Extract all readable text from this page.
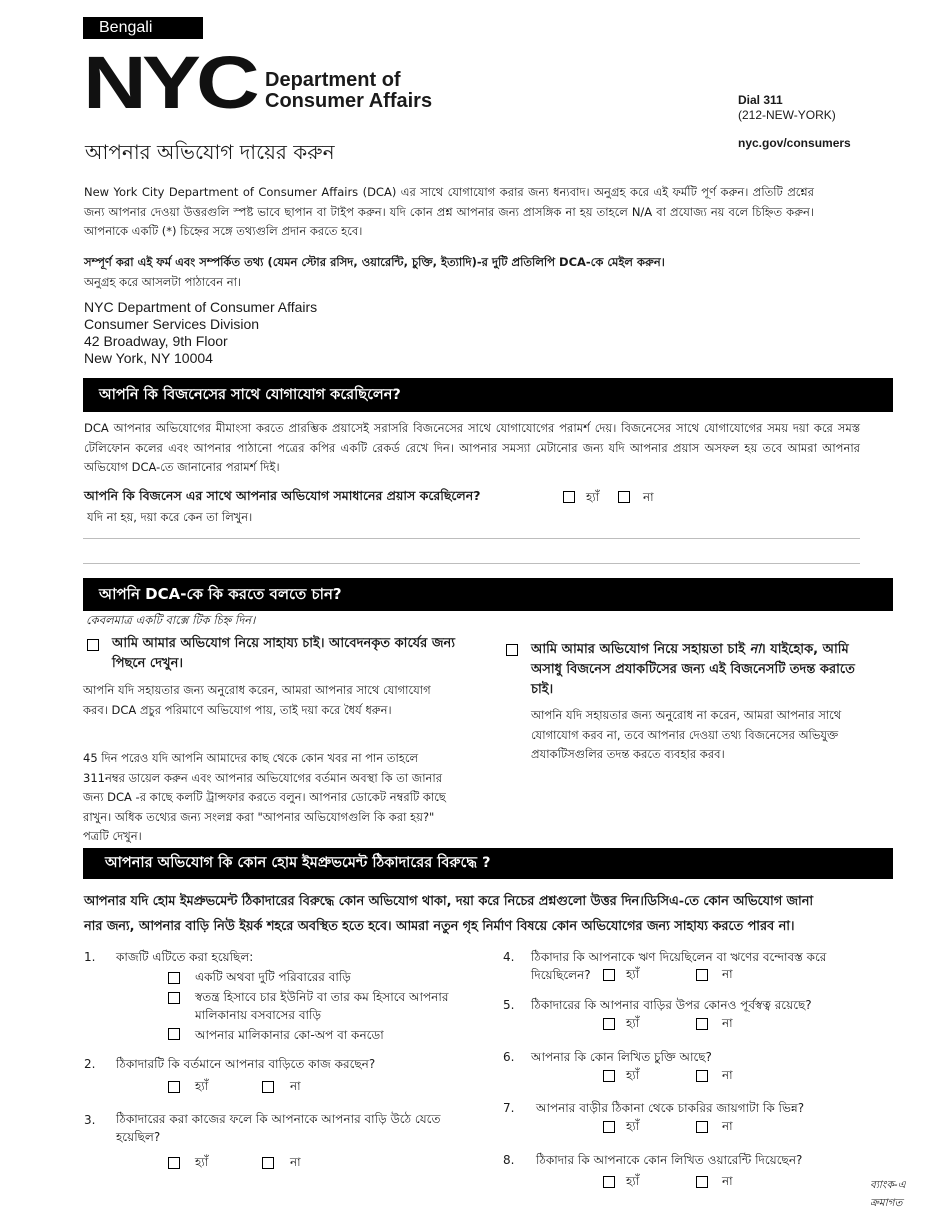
Bengali
NYC Department of
Consumer Affairs	Dial 311
(212-NEW-YORK)
nyc.gov/consumers
আপনার অভিযোগ দায়ের করুন
New York City Department of Consumer Affairs (DCA) এর সাথে যোগাযোগ করার জন্য ধন্যবাদ। অনুগ্রহ করে এই ফর্মটি পূর্ণ করুন। প্রতিটি প্রশ্নের জন্য আপনার দেওয়া উত্তরগুলি স্পষ্ট ভাবে ছাপান বা টাইপ করুন। যদি কোন প্রশ্ন আপনার জন্য প্রাসঙ্গিক না হয় তাহলে N/A বা প্রযোজ্য নয় বলে চিহ্নিত করুন। আপনাকে একটি (*) চিহ্নের সঙ্গে তথ্যগুলি প্রদান করতে হবে।
সম্পূর্ণ করা এই ফর্ম এবং সম্পর্কিত তথ্য (যেমন স্টোর রসিদ, ওয়ারেন্টি, চুক্তি, ইত্যাদি)-র দুটি প্রতিলিপি DCA-কে মেইল করুন।
অনুগ্রহ করে আসলটা পাঠাবেন না।
NYC Department of Consumer Affairs
Consumer Services Division
42 Broadway, 9th Floor
New York, NY 10004
আপনি কি বিজনেসের সাথে যোগাযোগ করেছিলেন?
DCA আপনার অভিযোগের মীমাংসা করতে প্রারম্ভিক প্রয়াসেই সরাসরি বিজনেসের সাথে যোগাযোগের পরামর্শ দেয়। বিজনেসের সাথে যোগাযোগের সময় দয়া করে সমস্ত টেলিফোন কলের এবং আপনার পাঠানো পত্রের কপির একটি রেকর্ড রেখে দিন। আপনার সমস্যা মেটানোর জন্য যদি আপনার প্রয়াস অসফল হয় তবে আমরা আপনার অভিযোগ DCA-তে জানানোর পরামর্শ দিই।
আপনি কি বিজনেস এর সাথে আপনার অভিযোগ সমাধানের প্রয়াস করেছিলেন?	হ্যাঁ	না
যদি না হয়, দয়া করে কেন তা লিখুন।
আপনি DCA-কে কি করতে বলতে চান?
কেবলমাত্র একটি বাক্সে টিক চিহ্ন দিন।
আমি আমার অভিযোগ নিয়ে সাহায্য চাই। আবেদনকৃত কার্যের জন্য পিছনে দেখুন।
আপনি যদি সহায়তার জন্য অনুরোধ করেন, আমরা আপনার সাথে যোগাযোগ করব। DCA প্রচুর পরিমাণে অভিযোগ পায়, তাই দয়া করে ধৈর্য ধরুন।
45 দিন পরেও যদি আপনি আমাদের কাছ থেকে কোন খবর না পান তাহলে 311নম্বর ডায়েল করুন এবং আপনার অভিযোগের বর্তমান অবস্থা কি তা জানার জন্য DCA -র কাছে কলটি ট্রান্সফার করতে বলুন। আপনার ডোকেট নম্বরটি কাছে রাখুন। অধিক তথ্যের জন্য সংলগ্ন করা "আপনার অভিযোগগুলি কি করা হয়?" পত্রটি দেখুন।
আমি আমার অভিযোগ নিয়ে সহায়তা চাই না। যাইহোক, আমি অসাধু বিজনেস প্রযাকটিসের জন্য এই বিজনেসটি তদন্ত করাতে চাই।
আপনি যদি সহায়তার জন্য অনুরোধ না করেন, আমরা আপনার সাথে যোগাযোগ করব না, তবে আপনার দেওয়া তথ্য বিজনেসের অভিযুক্ত প্রযাকটিসগুলির তদন্ত করতে ব্যবহার করব।
আপনার অভিযোগ কি কোন হোম ইমপ্রুভমেন্ট ঠিকাদারের বিরুদ্ধে ?
আপনার যদি হোম ইমপ্রুভমেন্ট ঠিকাদারের বিরুদ্ধে কোন অভিযোগ থাকা, দয়া করে নিচের প্রশ্নগুলো উত্তর দিন।ডিসিএ-তে কোন অভিযোগ জানা
নার জন্য, আপনার বাড়ি নিউ ইয়র্ক শহরে অবস্থিত হতে হবে। আমরা নতুন গৃহ নির্মাণ বিষয়ে কোন অভিযোগের জন্য সাহায্য করতে পারব না।
1. কাজটি এটিতে করা হয়েছিল:
একটি অথবা দুটি পরিবারের বাড়ি
স্বতন্ত্র হিসাবে চার ইউনিট বা তার কম হিসাবে আপনার মালিকানায় বসবাসের বাড়ি
আপনার মালিকানার কো-অপ বা কনডো
2. ঠিকাদারটি কি বর্তমানে আপনার বাড়িতে কাজ করছেন?
হ্যাঁ	না
3. ঠিকাদারের করা কাজের ফলে কি আপনাকে আপনার বাড়ি উঠে যেতে হয়েছিল?
হ্যাঁ	না
4. ঠিকাদার কি আপনাকে ঋণ দিয়েছিলেন বা ঋণের বন্দোবস্ত করে দিয়েছিলেন?	হ্যাঁ	না
5. ঠিকাদারের কি আপনার বাড়ির উপর কোনও পূর্বস্বত্ব রয়েছে?
হ্যাঁ	না
6. আপনার কি কোন লিখিত চুক্তি আছে?
হ্যাঁ	না
7. আপনার বাড়ীর ঠিকানা থেকে চাকরির জায়গাটা কি ভিন্ন?
হ্যাঁ	না
8. ঠিকাদার কি আপনাকে কোন লিখিত ওয়ারেন্টি দিয়েছেন?
হ্যাঁ	না	ব্যাংক-এ
ক্রমাগত
